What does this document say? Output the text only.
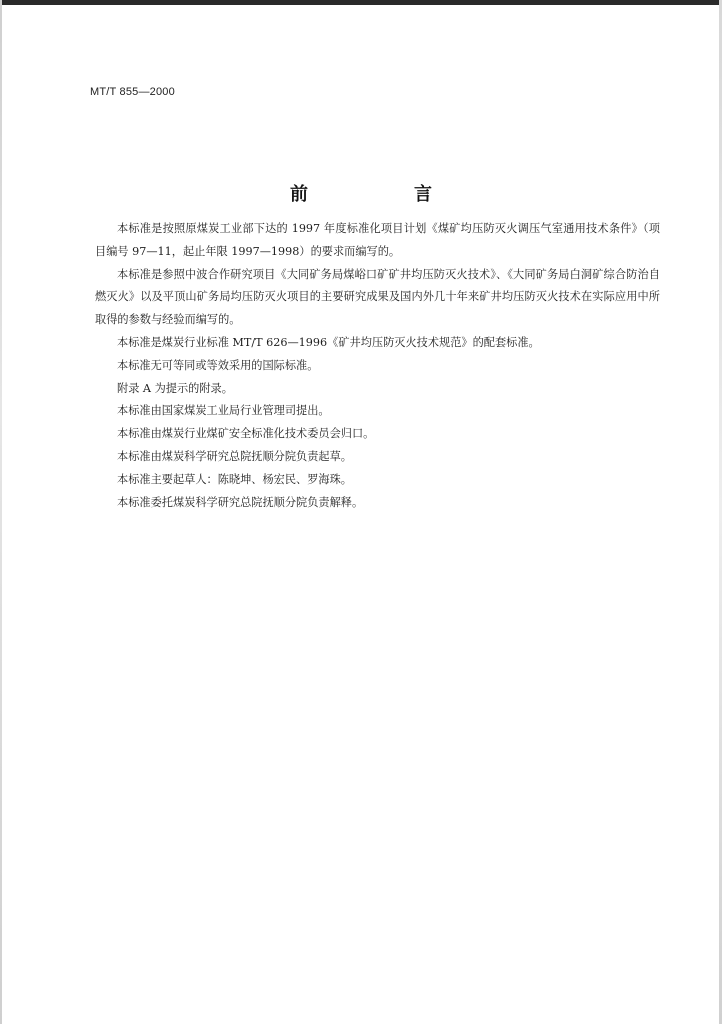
MT/T 855—2000
前　言

本标准是按照原煤炭工业部下达的 1997 年度标准化项目计划《煤矿均压防灭火调压气室通用技术条件》（项目编号 97—11，起止年限 1997—1998）的要求而编写的。

本标准是参照中波合作研究项目《大同矿务局煤峪口矿矿井均压防灭火技术》、《大同矿务局白洞矿综合防治自燃灭火》以及平顶山矿务局均压防灭火项目的主要研究成果及国内外几十年来矿井均压防灭火技术在实际应用中所取得的参数与经验而编写的。

本标准是煤炭行业标准 MT/T 626—1996《矿井均压防灭火技术规范》的配套标准。

本标准无可等同或等效采用的国际标准。

附录 A 为提示的附录。

本标准由国家煤炭工业局行业管理司提出。

本标准由煤炭行业煤矿安全标准化技术委员会归口。

本标准由煤炭科学研究总院抚顺分院负责起草。

本标准主要起草人：陈晓坤、杨宏民、罗海珠。

本标准委托煤炭科学研究总院抚顺分院负责解释。
